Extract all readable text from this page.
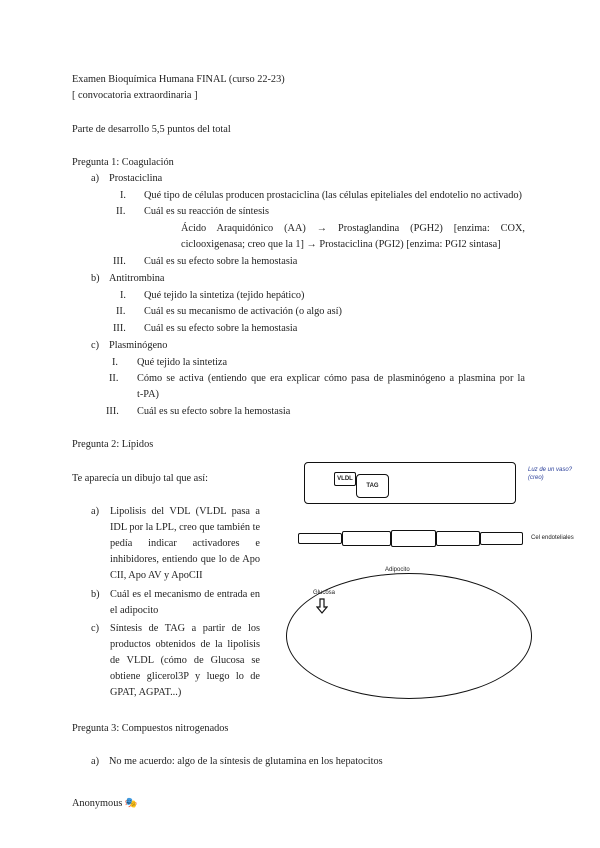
Examen Bioquímica Humana FINAL (curso 22-23)
[ convocatoria extraordinaria ]
Parte de desarrollo 5,5 puntos del total
Pregunta 1: Coagulación
a) Prostaciclina
I. Qué tipo de células producen prostaciclina (las células epiteliales del endotelio no activado)
II. Cuál es su reacción de síntesis
Ácido Araquidónico (AA) → Prostaglandina (PGH2) [enzima: COX,
ciclooxigenasa; creo que la 1] → Prostaciclina (PGI2) [enzima: PGI2 sintasa]
III. Cuál es su efecto sobre la hemostasia
b) Antitrombina
I. Qué tejido la sintetiza (tejido hepático)
II. Cuál es su mecanismo de activación (o algo así)
III. Cuál es su efecto sobre la hemostasia
c) Plasminógeno
I. Qué tejido la sintetiza
II. Cómo se activa (entiendo que era explicar cómo pasa de plasminógeno a plasmina por la
t-PA)
III. Cuál es su efecto sobre la hemostasia
Pregunta 2: Lípidos
Te aparecía un dibujo tal que así:
a) Lipolisis del VDL (VLDL pasa a IDL por la LPL, creo que también te pedía indicar activadores e inhibidores, entiendo que lo de Apo CII, Apo AV y ApoCII
b) Cuál es el mecanismo de entrada en el adipocito
c) Síntesis de TAG a partir de los productos obtenidos de la lipolisis de VLDL (cómo de Glucosa se obtiene glicerol3P y luego lo de GPAT, AGPAT...)
VLDL
TAG
Luz de un vaso?
(creo)
Cel endoteliales
Adipocito
Glucosa
Pregunta 3: Compuestos nitrogenados
a) No me acuerdo: algo de la síntesis de glutamina en los hepatocitos
Anonymous 🎭
